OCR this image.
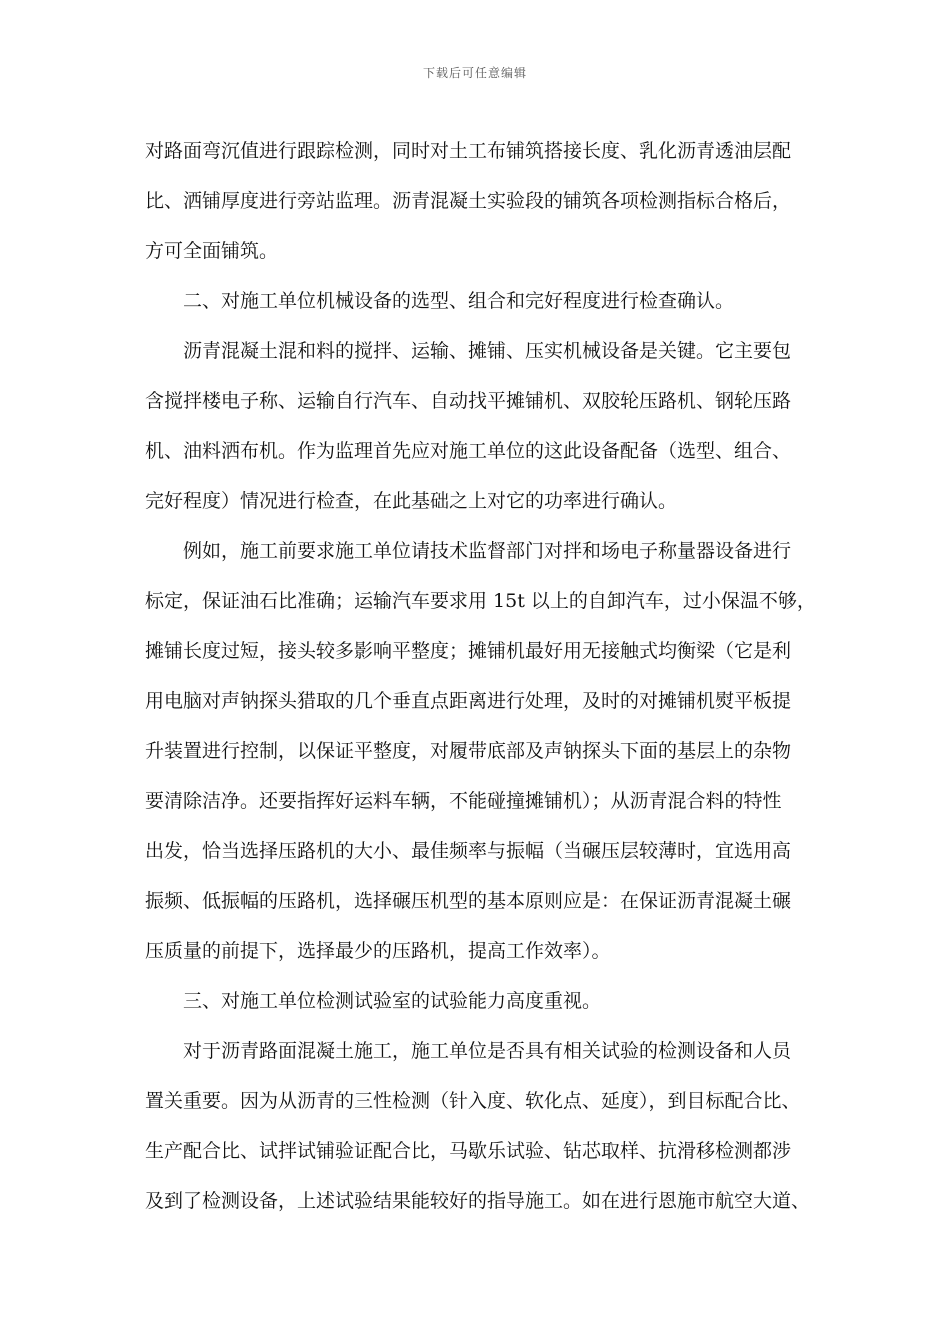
下载后可任意编辑
对路面弯沉值进行跟踪检测，同时对土工布铺筑搭接长度、乳化沥青透油层配
比、洒铺厚度进行旁站监理。沥青混凝土实验段的铺筑各项检测指标合格后，
方可全面铺筑。
二、对施工单位机械设备的选型、组合和完好程度进行检查确认。
沥青混凝土混和料的搅拌、运输、摊铺、压实机械设备是关键。它主要包
含搅拌楼电子称、运输自行汽车、自动找平摊铺机、双胶轮压路机、钢轮压路
机、油料洒布机。作为监理首先应对施工单位的这此设备配备（选型、组合、
完好程度）情况进行检查，在此基础之上对它的功率进行确认。
例如，施工前要求施工单位请技术监督部门对拌和场电子称量器设备进行
标定，保证油石比准确；运输汽车要求用 15t 以上的自卸汽车，过小保温不够，
摊铺长度过短，接头较多影响平整度；摊铺机最好用无接触式均衡梁（它是利
用电脑对声钠探头猎取的几个垂直点距离进行处理，及时的对摊铺机熨平板提
升装置进行控制，以保证平整度，对履带底部及声钠探头下面的基层上的杂物
要清除洁净。还要指挥好运料车辆，不能碰撞摊铺机）；从沥青混合料的特性
出发，恰当选择压路机的大小、最佳频率与振幅（当碾压层较薄时，宜选用高
振频、低振幅的压路机，选择碾压机型的基本原则应是：在保证沥青混凝土碾
压质量的前提下，选择最少的压路机，提高工作效率）。
三、对施工单位检测试验室的试验能力高度重视。
对于沥青路面混凝土施工，施工单位是否具有相关试验的检测设备和人员
置关重要。因为从沥青的三性检测（针入度、软化点、延度），到目标配合比、
生产配合比、试拌试铺验证配合比，马歇乐试验、钻芯取样、抗滑移检测都涉
及到了检测设备，上述试验结果能较好的指导施工。如在进行恩施市航空大道、
